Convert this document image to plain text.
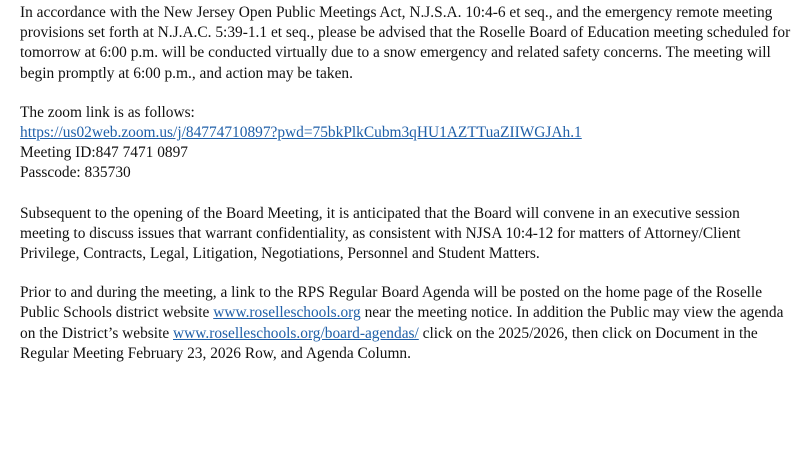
In accordance with the New Jersey Open Public Meetings Act, N.J.S.A. 10:4-6 et seq., and the emergency remote meeting provisions set forth at N.J.A.C. 5:39-1.1 et seq., please be advised that the Roselle Board of Education meeting scheduled for tomorrow at 6:00 p.m. will be conducted virtually due to a snow emergency and related safety concerns. The meeting will begin promptly at 6:00 p.m., and action may be taken.

The zoom link is as follows:
https://us02web.zoom.us/j/84774710897?pwd=75bkPlkCubm3qHU1AZTTuaZIIWGJAh.1
Meeting ID:847 7471 0897
Passcode: 835730

Subsequent to the opening of the Board Meeting, it is anticipated that the Board will convene in an executive session meeting to discuss issues that warrant confidentiality, as consistent with NJSA 10:4-12 for matters of Attorney/Client Privilege, Contracts, Legal, Litigation, Negotiations, Personnel and Student Matters.

Prior to and during the meeting, a link to the RPS Regular Board Agenda will be posted on the home page of the Roselle Public Schools district website www.roselleschools.org near the meeting notice. In addition the Public may view the agenda on the District’s website www.roselleschools.org/board-agendas/ click on the 2025/2026, then click on Document in the Regular Meeting February 23, 2026 Row, and Agenda Column.
